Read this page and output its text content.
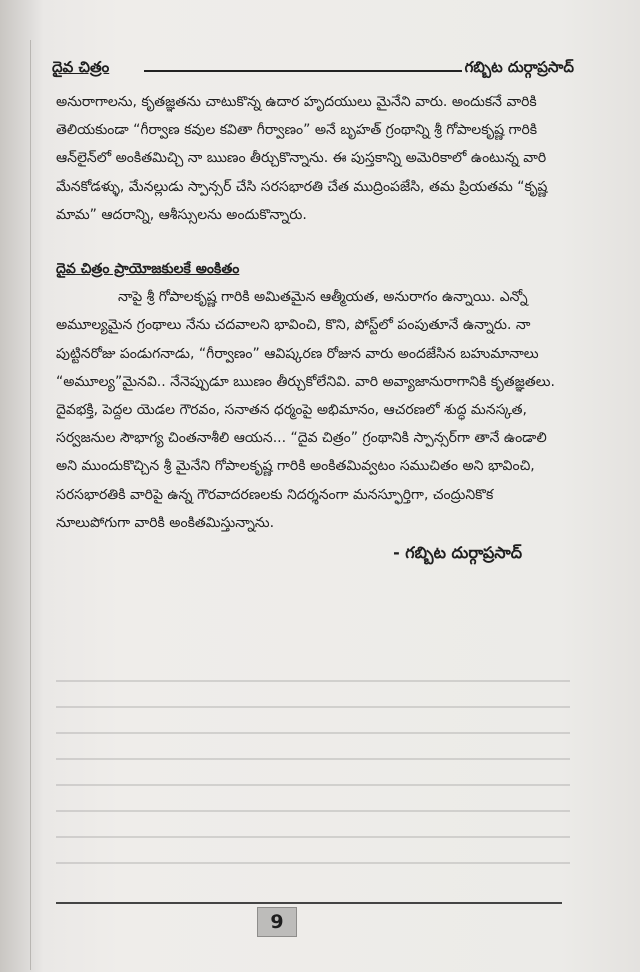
దైవ చిత్రం	గబ్బిట దుర్గాప్రసాద్

అనురాగాలను, కృతజ్ఞతను చాటుకొన్న ఉదార హృదయులు మైనేని వారు. అందుకనే వారికి తెలియకుండా “గీర్వాణ కవుల కవితా గీర్వాణం” అనే బృహత్ గ్రంథాన్ని శ్రీ గోపాలకృష్ణ గారికి ఆన్‌లైన్‌లో అంకితమిచ్చి నా ఋణం తీర్చుకొన్నాను. ఈ పుస్తకాన్ని అమెరికాలో ఉంటున్న వారి మేనకోడళ్ళు, మేనల్లుడు స్పాన్సర్ చేసి సరసభారతి చేత ముద్రింపజేసి, తమ ప్రియతమ “కృష్ణ మామ” ఆదరాన్ని, ఆశీస్సులను అందుకొన్నారు.

దైవ చిత్రం ప్రాయోజకులకే అంకితం

నాపై శ్రీ గోపాలకృష్ణ గారికి అమితమైన ఆత్మీయత, అనురాగం ఉన్నాయి. ఎన్నో అమూల్యమైన గ్రంథాలు నేను చదవాలని భావించి, కొని, పోస్ట్‌లో పంపుతూనే ఉన్నారు. నా పుట్టినరోజు పండుగనాడు, “గీర్వాణం” ఆవిష్కరణ రోజున వారు అందజేసిన బహుమానాలు “అమూల్య”మైనవి.. నేనెప్పుడూ ఋణం తీర్చుకోలేనివి. వారి అవ్యాజానురాగానికి కృతజ్ఞతలు. దైవభక్తి, పెద్దల యెడల గౌరవం, సనాతన ధర్మంపై అభిమానం, ఆచరణలో శుద్ధ మనస్కత, సర్వజనుల సౌభాగ్య చింతనాశీలి ఆయన... “దైవ చిత్రం” గ్రంథానికి స్పాన్సర్‌గా తానే ఉండాలి అని ముందుకొచ్చిన శ్రీ మైనేని గోపాలకృష్ణ గారికి అంకితమివ్వటం సముచితం అని భావించి, సరసభారతికి వారిపై ఉన్న గౌరవాదరణలకు నిదర్శనంగా మనస్ఫూర్తిగా, చంద్రునికొక నూలుపోగుగా వారికి అంకితమిస్తున్నాను.

- గబ్బిట దుర్గాప్రసాద్

9
